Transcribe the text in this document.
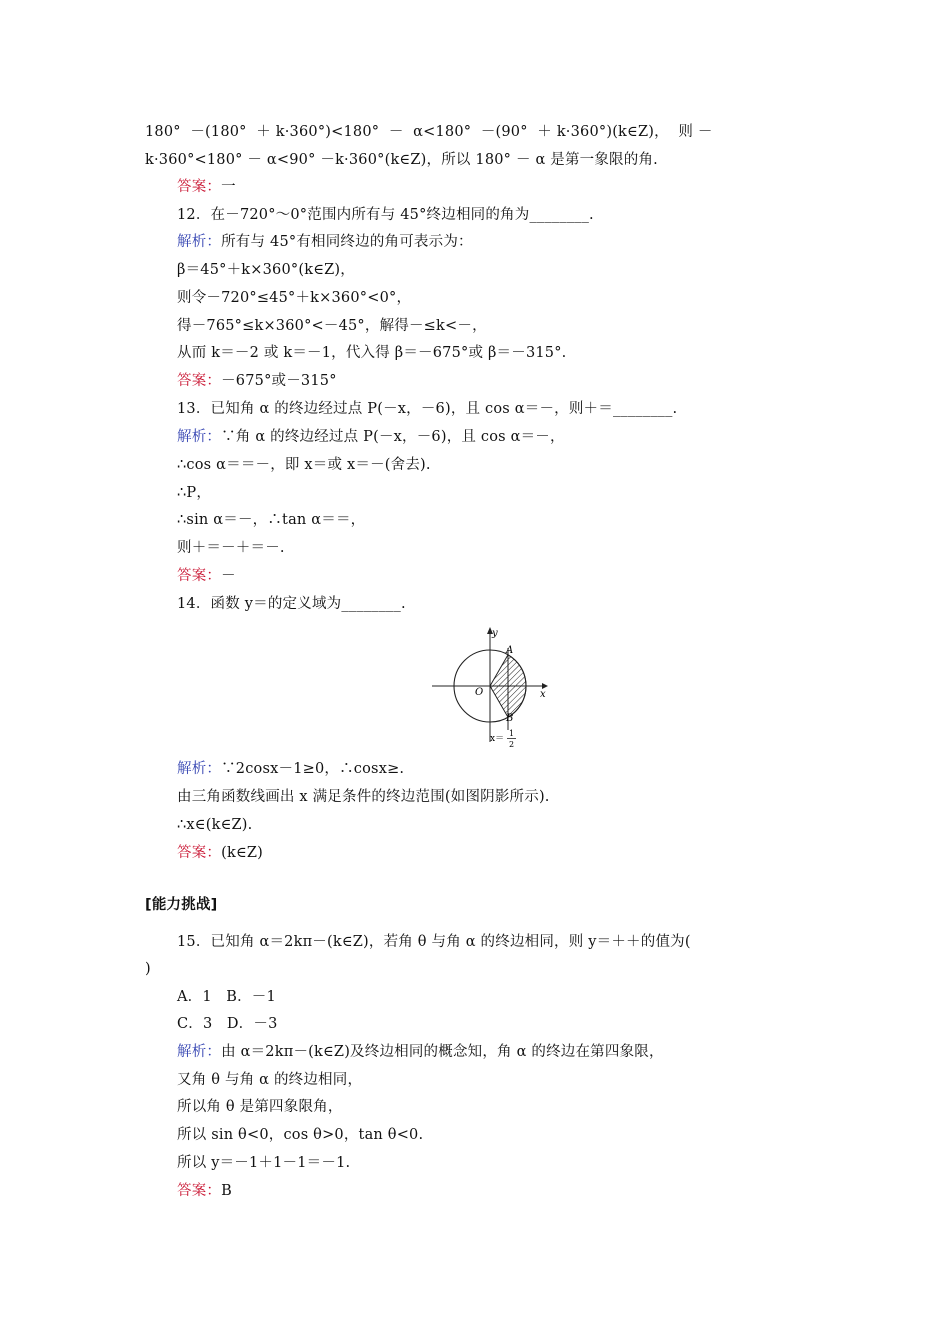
180°  －(180°  ＋ k·360°)<180°  －  α<180°  －(90°  ＋ k·360°)(k∈Z)，  则 －
k·360°<180° － α<90° －k·360°(k∈Z)，所以 180° － α 是第一象限的角.
答案：一
12．在－720°～0°范围内所有与 45°终边相同的角为________.
解析：所有与 45°有相同终边的角可表示为：
β＝45°＋k×360°(k∈Z)，
则令－720°≤45°＋k×360°<0°，
得－765°≤k×360°<－45°，解得－≤k<－，
从而 k＝－2 或 k＝－1，代入得 β＝－675°或 β＝－315°.
答案：－675°或－315°
13．已知角 α 的终边经过点 P(－x，－6)，且 cos α＝－，则＋＝________.
解析：∵角 α 的终边经过点 P(－x，－6)，且 cos α＝－，
∴cos α＝＝－，即 x＝或 x＝－(舍去).
∴P，
∴sin α＝－，∴tan α＝＝，
则＋＝－＋＝－.
答案：－
14．函数 y＝的定义域为________.
y
x
O
A
B
x＝
1
2
解析：∵2cosx－1≥0，∴cosx≥.
由三角函数线画出 x 满足条件的终边范围(如图阴影所示).
∴x∈(k∈Z).
答案：(k∈Z)
[能力挑战]
15．已知角 α＝2kπ－(k∈Z)，若角 θ 与角 α 的终边相同，则 y＝＋＋的值为(
)
A．1   B．－1
C．3   D．－3
解析：由 α＝2kπ－(k∈Z)及终边相同的概念知，角 α 的终边在第四象限，
又角 θ 与角 α 的终边相同，
所以角 θ 是第四象限角，
所以 sin θ<0，cos θ>0，tan θ<0.
所以 y＝－1＋1－1＝－1.
答案：B
